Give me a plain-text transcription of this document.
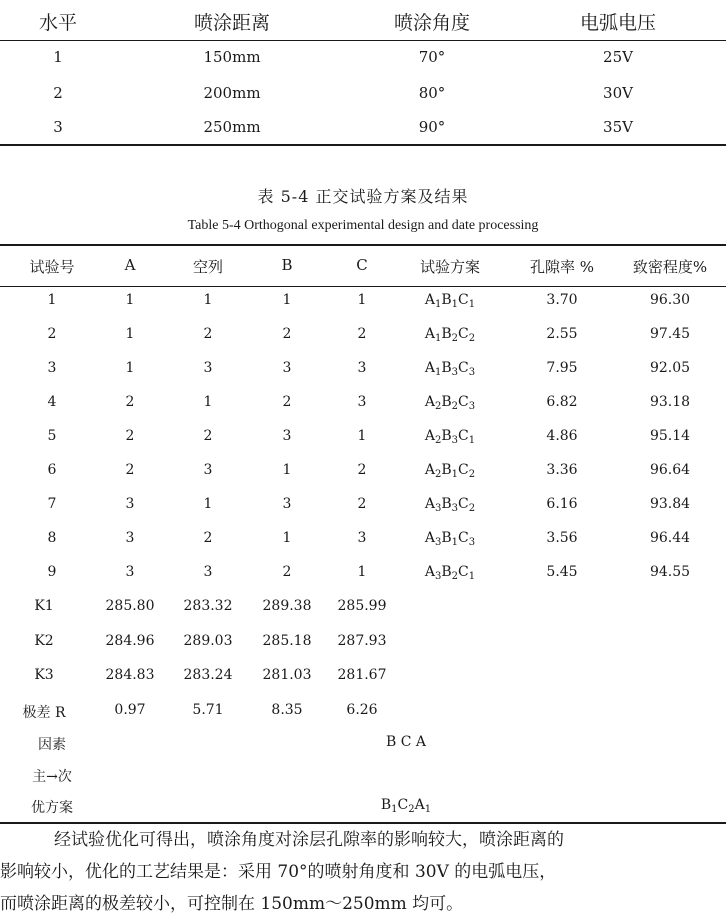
水平	喷涂距离	喷涂角度	电弧电压
1	150mm	70°	25V
2	200mm	80°	30V
3	250mm	90°	35V
表 5-4 正交试验方案及结果
Table 5-4 Orthogonal experimental design and date processing
试验号	A	空列	B	C	试验方案	孔隙率 %	致密程度%
1	1	1	1	1	$A_1B_1C_1$	3.70	96.30
2	1	2	2	2	$A_1B_2C_2$	2.55	97.45
3	1	3	3	3	$A_1B_3C_3$	7.95	92.05
4	2	1	2	3	$A_2B_2C_3$	6.82	93.18
5	2	2	3	1	$A_2B_3C_1$	4.86	95.14
6	2	3	1	2	$A_2B_1C_2$	3.36	96.64
7	3	1	3	2	$A_3B_3C_2$	6.16	93.84
8	3	2	1	3	$A_3B_1C_3$	3.56	96.44
9	3	3	2	1	$A_3B_2C_1$	5.45	94.55
K1	285.80 283.32 289.38 285.99
K2	284.96 289.03 285.18 287.93
K3	284.83 283.24 281.03 281.67
极差 R	0.97	5.71	8.35	6.26
因素	B C A
主→次
优方案	$B_1C_2A_1$
经试验优化可得出，喷涂角度对涂层孔隙率的影响较大，喷涂距离的
影响较小，优化的工艺结果是：采用 70°的喷射角度和 30V 的电弧电压，
而喷涂距离的极差较小，可控制在 150mm～250mm 均可。
